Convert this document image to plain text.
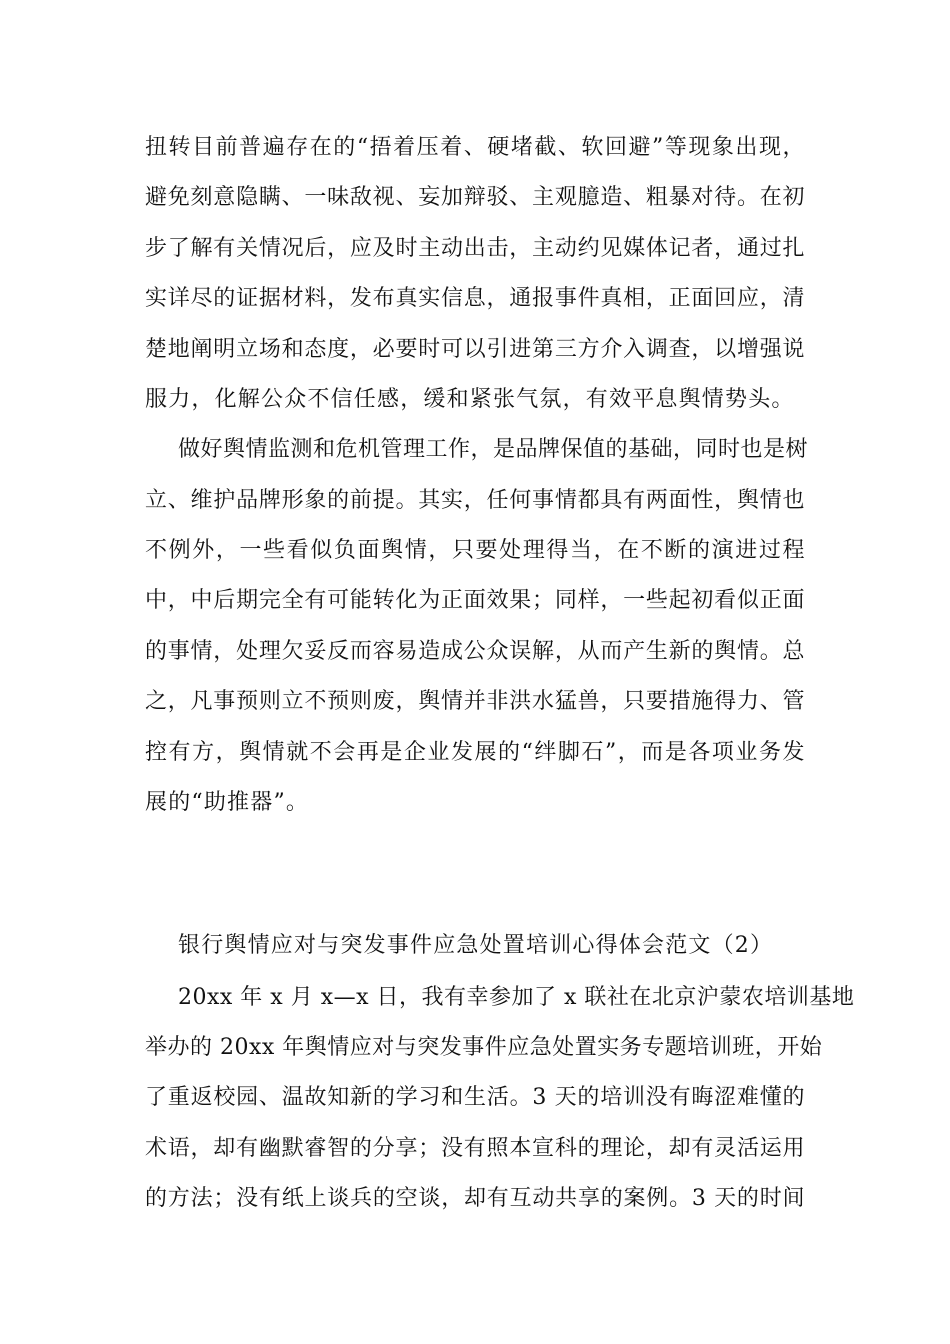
扭转目前普遍存在的“捂着压着、硬堵截、软回避”等现象出现，
避免刻意隐瞒、一味敌视、妄加辩驳、主观臆造、粗暴对待。在初
步了解有关情况后，应及时主动出击，主动约见媒体记者，通过扎
实详尽的证据材料，发布真实信息，通报事件真相，正面回应，清
楚地阐明立场和态度，必要时可以引进第三方介入调查，以增强说
服力，化解公众不信任感，缓和紧张气氛，有效平息舆情势头。
做好舆情监测和危机管理工作，是品牌保值的基础，同时也是树
立、维护品牌形象的前提。其实，任何事情都具有两面性，舆情也
不例外，一些看似负面舆情，只要处理得当，在不断的演进过程
中，中后期完全有可能转化为正面效果；同样，一些起初看似正面
的事情，处理欠妥反而容易造成公众误解，从而产生新的舆情。总
之，凡事预则立不预则废，舆情并非洪水猛兽，只要措施得力、管
控有方，舆情就不会再是企业发展的“绊脚石”，而是各项业务发
展的“助推器”。
银行舆情应对与突发事件应急处置培训心得体会范文（2）
20xx 年 x 月 x—x 日，我有幸参加了 x 联社在北京沪蒙农培训基地
举办的 20xx 年舆情应对与突发事件应急处置实务专题培训班，开始
了重返校园、温故知新的学习和生活。3 天的培训没有晦涩难懂的
术语，却有幽默睿智的分享；没有照本宣科的理论，却有灵活运用
的方法；没有纸上谈兵的空谈，却有互动共享的案例。3 天的时间
